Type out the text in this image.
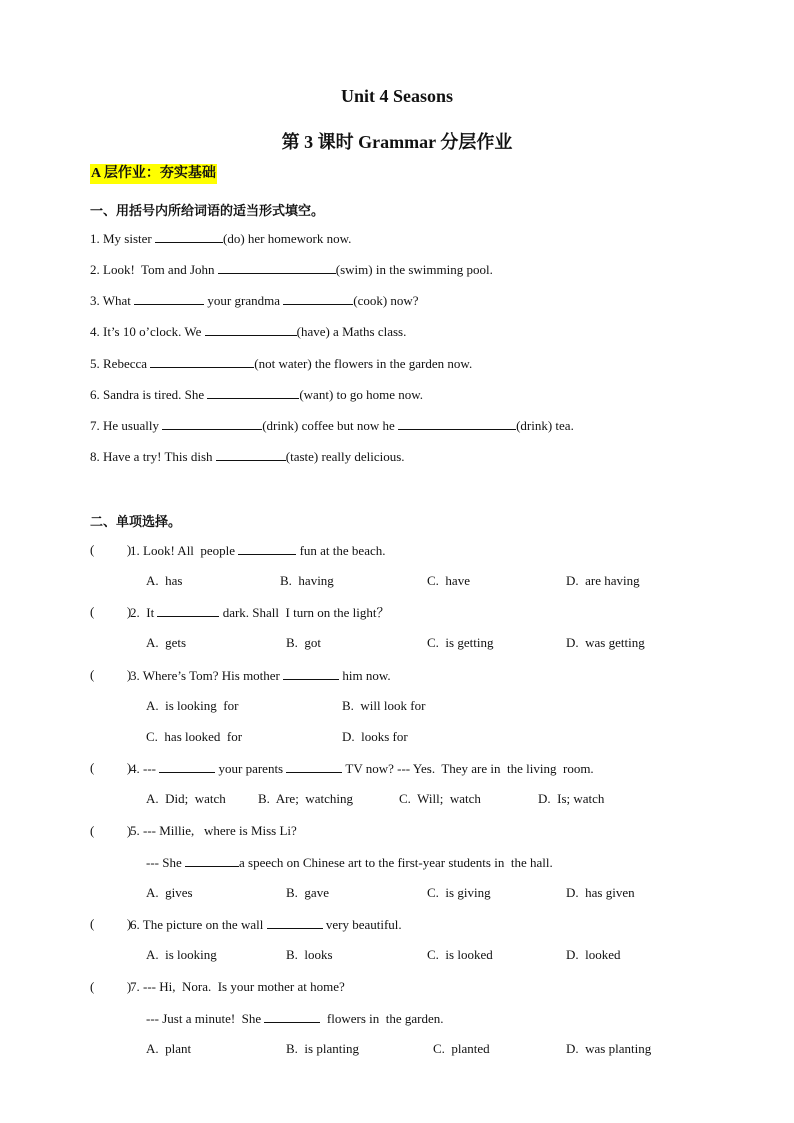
Unit 4 Seasons
第 3 课时 Grammar 分层作业
A 层作业：夯实基础
一、用括号内所给词语的适当形式填空。
1. My sister	(do) her homework now.
2. Look!  Tom and John	(swim) in the swimming pool.
3. What	your grandma	(cook) now?
4. It’s 10 o’clock. We	(have) a Maths class.
5. Rebecca	(not water) the flowers in the garden now.
6. Sandra is tired. She	(want) to go home now.
7. He usually	(drink) coffee but now he	(drink) tea.
8. Have a try! This dish	(taste) really delicious.
二、单项选择。
(          )
1. Look! All  people	fun at the beach.
A.  has	B.  having	C.  have	D.  are having
(          )
2.  It	dark. Shall  I turn on the light？
A.  gets	B.  got	C.  is getting	D.  was getting
(          )
3. Where’s Tom? His mother	him now.
A.  is looking  for	B.  will look for
C.  has looked  for	D.  looks for
(          )
4. ---	your parents	TV now? --- Yes.  They are in  the living  room.
A.  Did;  watch B.  Are;  watching	C.  Will;  watch	D.  Is; watch
(          )
5. --- Millie,   where is Miss Li?
--- She	a speech on Chinese art to the first-year students in  the hall.
A.  gives	B.  gave	C.  is giving	D.  has given
(          )
6. The picture on the wall	very beautiful.
A.  is looking	B.  looks	C.  is looked	D.  looked
(          )
7. --- Hi,  Nora.  Is your mother at home?
--- Just a minute!  She	flowers in  the garden.
A.  plant	B.  is planting	C.  planted	D.  was planting
